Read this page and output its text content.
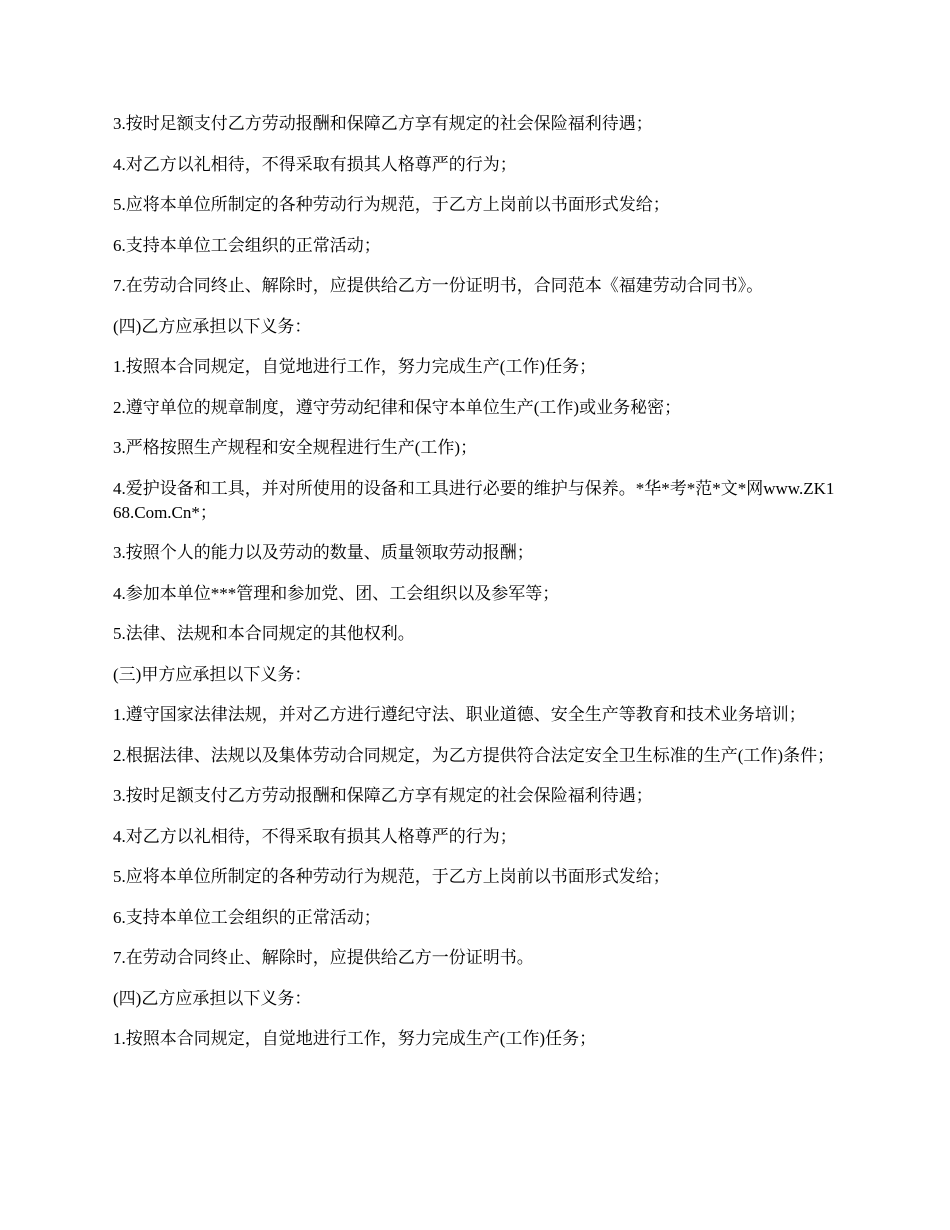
3.按时足额支付乙方劳动报酬和保障乙方享有规定的社会保险福利待遇；

4.对乙方以礼相待，不得采取有损其人格尊严的行为；

5.应将本单位所制定的各种劳动行为规范，于乙方上岗前以书面形式发给；

6.支持本单位工会组织的正常活动；

7.在劳动合同终止、解除时，应提供给乙方一份证明书，合同范本《福建劳动合同书》。

(四)乙方应承担以下义务：

1.按照本合同规定，自觉地进行工作，努力完成生产(工作)任务；

2.遵守单位的规章制度，遵守劳动纪律和保守本单位生产(工作)或业务秘密；

3.严格按照生产规程和安全规程进行生产(工作)；

4.爱护设备和工具，并对所使用的设备和工具进行必要的维护与保养。*华*考*范*文*网www.ZK168.Com.Cn*；

3.按照个人的能力以及劳动的数量、质量领取劳动报酬；

4.参加本单位***管理和参加党、团、工会组织以及参军等；

5.法律、法规和本合同规定的其他权利。

(三)甲方应承担以下义务：

1.遵守国家法律法规，并对乙方进行遵纪守法、职业道德、安全生产等教育和技术业务培训；

2.根据法律、法规以及集体劳动合同规定，为乙方提供符合法定安全卫生标准的生产(工作)条件；

3.按时足额支付乙方劳动报酬和保障乙方享有规定的社会保险福利待遇；

4.对乙方以礼相待，不得采取有损其人格尊严的行为；

5.应将本单位所制定的各种劳动行为规范，于乙方上岗前以书面形式发给；

6.支持本单位工会组织的正常活动；

7.在劳动合同终止、解除时，应提供给乙方一份证明书。

(四)乙方应承担以下义务：

1.按照本合同规定，自觉地进行工作，努力完成生产(工作)任务；
